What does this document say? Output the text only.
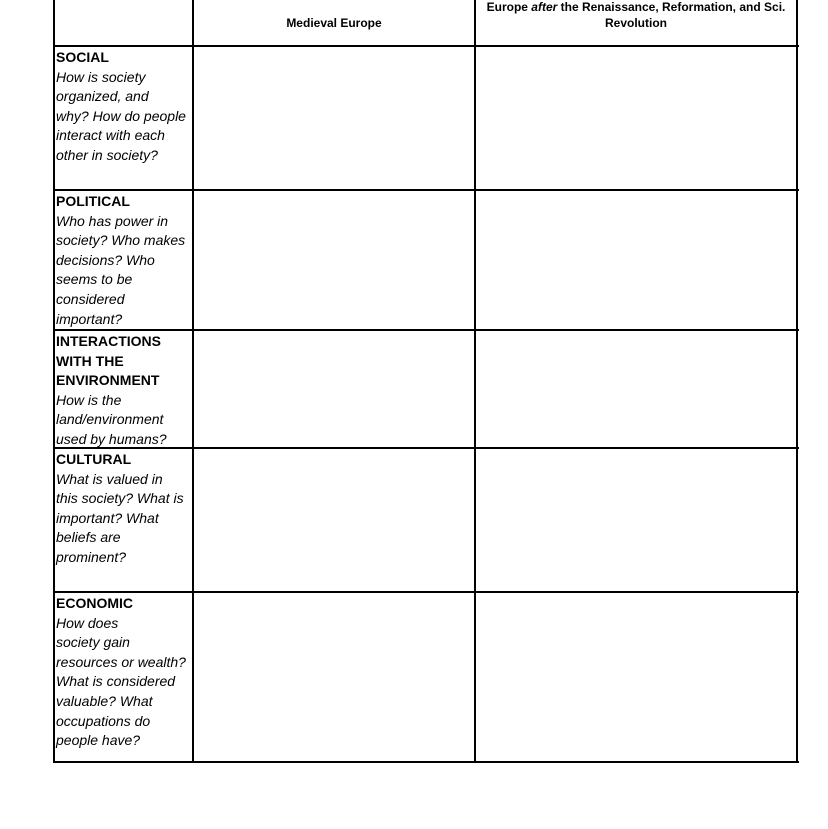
Medieval Europe
Europe after the Renaissance, Reformation, and Sci. Revolution
SOCIAL
How is society
organized, and
why? How do people
interact with each
other in society?
POLITICAL
Who has power in
society? Who makes
decisions? Who
seems to be
considered
important?
INTERACTIONS
WITH THE
ENVIRONMENT
How is the
land/environment
used by humans?
CULTURAL
What is valued in
this society? What is
important? What
beliefs are
prominent?
ECONOMIC
How does
society gain
resources or wealth?
What is considered
valuable? What
occupations do
people have?
